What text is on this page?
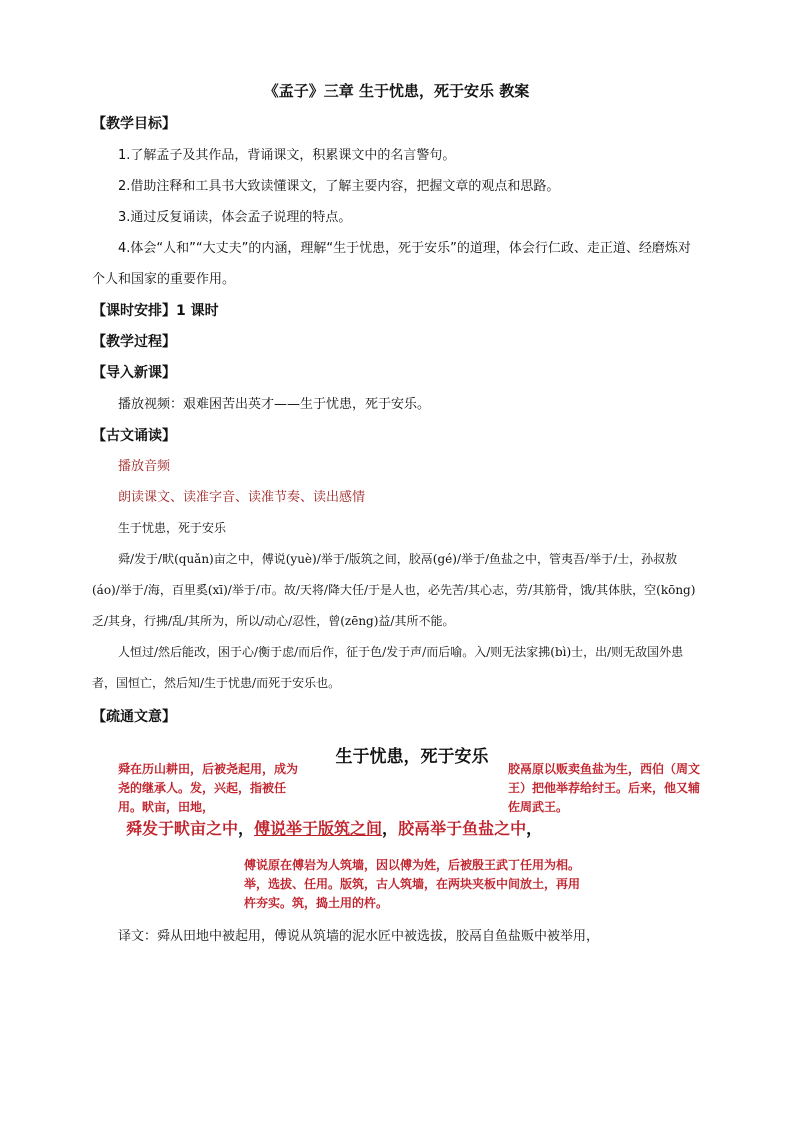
《孟子》三章 生于忧患，死于安乐 教案
【教学目标】
1.了解孟子及其作品，背诵课文，积累课文中的名言警句。
2.借助注释和工具书大致读懂课文，了解主要内容，把握文章的观点和思路。
3.通过反复诵读，体会孟子说理的特点。
4.体会“人和”“大丈夫”的内涵，理解“生于忧患，死于安乐”的道理，体会行仁政、走正道、经磨炼对个人和国家的重要作用。
【课时安排】1 课时
【教学过程】
【导入新课】
播放视频：艰难困苦出英才——生于忧患，死于安乐。
【古文诵读】
播放音频
朗读课文、读准字音、读准节奏、读出感情
生于忧患，死于安乐
舜/发于/畎(quǎn)亩之中，傅说(yuè)/举于/版筑之间，胶鬲(gé)/举于/鱼盐之中，管夷吾/举于/士，孙叔敖(áo)/举于/海，百里奚(xī)/举于/市。故/天将/降大任/于是人也，必先苦/其心志，劳/其筋骨，饿/其体肤，空(kōng)乏/其身，行拂/乱/其所为，所以/动心/忍性，曾(zēng)益/其所不能。
人恒过/然后能改，困于心/衡于虑/而后作，征于色/发于声/而后喻。入/则无法家拂(bì)士，出/则无敌国外患者，国恒亡，然后知/生于忧患/而死于安乐也。
【疏通文意】
生于忧患，死于安乐
舜在历山耕田，后被尧起用，成为尧的继承人。发，兴起，指被任用。畎亩，田地，
胶鬲原以贩卖鱼盐为生，西伯（周文王）把他举荐给纣王。后来，他又辅佐周武王。
舜发于畎亩之中，傅说举于版筑之间，胶鬲举于鱼盐之中，
傅说原在傅岩为人筑墙，因以傅为姓，后被殷王武丁任用为相。举，选拔、任用。版筑，古人筑墙，在两块夹板中间放土，再用杵夯实。筑，捣土用的杵。
译文：舜从田地中被起用，傅说从筑墙的泥水匠中被选拔，胶鬲自鱼盐贩中被举用，
